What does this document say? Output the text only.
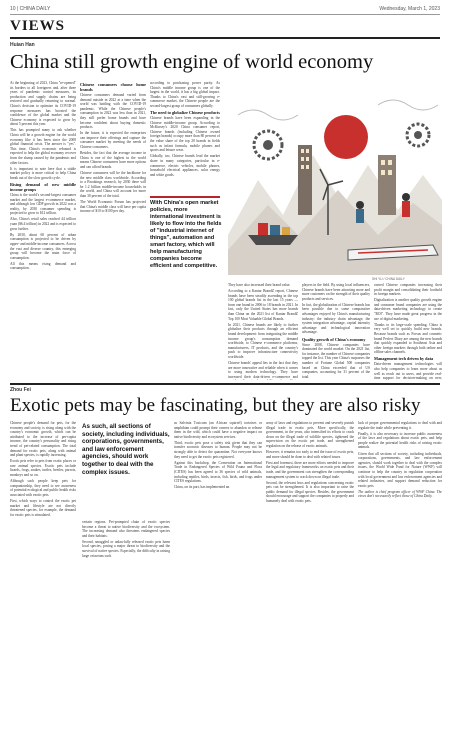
10 | CHINA DAILY	Wednesday, March 1, 2023
VIEWS
Huian Han
China still growth engine of world economy

At the beginning of 2023, China "re-opened" its borders to all foreigners and, after three years of pandemic control measures, its production and supply chains are being restored and gradually returning to normal. China's decision to optimize its COVID-19 response measures has boosted the confidence of the global market and the Chinese economy is expected to grow by about 5 percent this year.

This has prompted many to ask whether China will be a growth engine for the world economy like it has been since the 2008 global financial crisis. The answer is "yes". This time, China's economic rebound is expected to help the global economy recover from the slump caused by the pandemic and other factors.

It is important to note here that a stable market policy is more critical to help China break out of the slow growth cycle.

Rising demand of new middle income groups

China is the world's second-largest consumer market and the largest e-commerce market, and although low GDP growth in 2022 was a reality, by 2030 consumer spending is projected to grow to $12 trillion.

Also, China's retail sales reached 44 trillion yuan ($6.4 trillion) in 2022 and is expected to grow further.

By 2030, about 60 percent of urban consumption is projected to be driven by upper- and middle-income consumers. Across the vast and diverse country, this emerging group will become the main force of consumption.

All this means rising demand and consumption.

Chinese consumers choose home brands

Chinese consumers demand varied from demand outside in 2022 at a time when the world was battling with the COVID-19 pandemic. While the Chinese people's consumption in 2022 was less than in 2021, they still prefer home brands and have become confident about buying domestic products.

In the future, it is expected the enterprises can improve their offerings and capture the consumer market by meeting the needs of Chinese consumers.

Besides, the fact that the average income in China is one of the highest in the world means Chinese consumers have more options and can afford brands.

Chinese consumers will be the backbone for the new middle class worldwide. According to a Brookings research, by 2030 there will be 1.2 billion middle-income households in the world, and China will account for more than 30 percent of the total.

The World Economic Forum has projected that China's middle class will have per capita income of $10 to $100 per day.

according to purchasing power parity. As China's middle income group is one of the largest in the world, it has a big global impact. Thanks to China's vast and still-growing e-commerce market, the Chinese people are the second-largest group of consumers globally.

The need to globalize Chinese products

Chinese brands have been expanding in the Chinese middle-income group. According to McKinsey's 2020 China consumer report, Chinese brands (including Chinese owned foreign brands) occupy more than 80 percent of the value share of the top 20 brands in fields such as infant formula, mobile phones and sports and leisure wear.

Globally, too, Chinese brands lead the market share in many categories, particular in e-commerce, electric vehicles, mobile phones, household electrical appliances, solar energy and white goods.

SHI YU / CHINA DAILY

They have also increased their brand value.

According to a Kantar BrandZ report, Chinese brands have been steadily ascending in the top 100 global brands list in the last 15 years — from one brand in 2006 to 18 brands in 2021. In fact, only the United States has more brands than China on the 2021 list of Kantar BrandZ Top 100 Most Valuable Global Brands.

In 2021, Chinese brands are likely to further globalize their products through an efficient brand development: from integrating the middle income group's consumption demand worldwide, to Chinese e-commerce platforms, manufacturers, IT products, and the country's push to improve infrastructure connectivity worldwide.

Chinese brands' appeal lies in the fact that they are more innovative and reliable when it comes to using modern technology. They have increased their data-driven e-commerce and

players in the field. By using local influencers, Chinese brands have been attracting more and more customers on the strength of their quality products and services.

In fact, the globalization of Chinese brands has been possible due to some comparative advantages enjoyed by China's manufacturing industry: the industry chain advantage, the system integration advantage, capital intensity advantage and technological innovation advantage.

Quality growth of China's economy

Since 2008, Chinese companies have dominated the world market. On the 2021 list, for instance, the number of Chinese companies topped the list. This year China's surpasses the number of Fortune Global 500 companies based on China exceeded that of US companies, accounting for 31 percent of the total.

owned Chinese companies increasing their profit margin and consolidating their foothold in foreign markets.

Digitalization is another quality growth engine and consumer brand companies are using the data-driven marketing technology to create "ROI". They have made great progress in the use of digital marketing.

Thanks to its large-scale spending, China is very well set to quickly build new brands. Because brands such as Forsus and cosmetic brand Perfect Diary are among the new brands that quickly expanded to Southeast Asia and other foreign markets through both online and offline sales channels.

Management tech driven by data

Data-driven management technologies will also help companies to learn more about as well as reach out to users, and provide real-time support for decision-making on new,

With China's open market policies, more international investment is likely to flow into the fields of "industrial internet of things", automation and smart factory, which will help manufacturing companies become efficient and competitive.
Zhou Fei
Exotic pets may be fascinating, but they are also risky

Chinese people's demand for pets, for the economy and society, is rising along with the country's economic growth, which can be attributed to the increase of per-capita income, the country's personality and rising trend of pet-related consumption. The total demand for exotic pets, along with animal and plant species, is rapidly increasing.

Exotic pets refer to pets from exotic places or rare animal species. Exotic pets include lizards, frogs, snakes, turtles, beetles, parrots, monkeys and so on.

Although such people keep pets for companionship, they need to see awareness of potential ecological and public health risks associated with exotic pets.

First, which ways to control the exotic pet market and lifestyle are not directly threatened species, for example, the demand for exotic pets is stimulated.

As such, all sections of society, including individuals, corporations, governments, and law enforcement agencies, should work together to deal with the complex issues.

certain regions. Pet-prompted chain of exotic species become a threat to native biodiversity and the ecosystem. The increasing demand also threatens endangered species and their habitats.

Second, smuggled or unlawfully released exotic pets harm local species, posing a major threat to biodiversity and the survival of native species. Especially, the difficulty in raising large cetaceans such

as Salvinia Toxicum (an African squirrel) tortoises or amphibian could prompt their owners to abandon or release them in the wild, which could have a negative impact on native biodiversity and ecosystem services.

Third, exotic pets pose a safety risk given that they can transfer zoonotic diseases to human. People may not be strongly able to detect the quarantine. Not everyone knows they need to get the exotic pets registered.

Against this backdrop, the Convention on International Trade in Endangered Species of Wild Fauna and Flora (CITES) has been agreed to 36 species of wild animals, including reptiles, birds, insects, fish, birds, and frogs under CITES regulations.

China, on its part, has implemented an

array of laws and regulations to prevent and severely punish illegal trade in exotic pets. More specifically, the government, in the years, also intensified its efforts to crack down on the illegal trade of wildlife species, tightened the supervision on the exotic pet trade, and strengthened regulation on the release of exotic animals.

However, it remains too early to end the issue of exotic pets, and more should be done to deal with related issues.

First and foremost, there are more efforts needed to improve the legal and regulatory frameworks on exotic pets and their trade, and the government can strengthen the corresponding management system to crack down on illegal trade.

Second, the relevant laws and regulations concerning exotic pets can be strengthened. It is also important to raise the public demand for illegal species. Besides, the government should encourage and support the companies to properly and humanely deal with exotic pets.

lack of proper governmental regulations to deal with and regulate the trade while preventing it.

Finally, it is also necessary to increase public awareness of the laws and regulations about exotic pets, and help people realize the potential health risks of raising exotic animals.

Given that all sections of society, including individuals, corporations, governments, and law enforcement agencies, should work together to deal with the complex issues, the World Wide Fund for Nature (WWF) will continue to help the country in regulation cooperation with local government and law enforcement agencies and related industries, and support demand reduction for exotic pets.

The author is chief program officer of WWF China. The views don't necessarily reflect those of China Daily.
